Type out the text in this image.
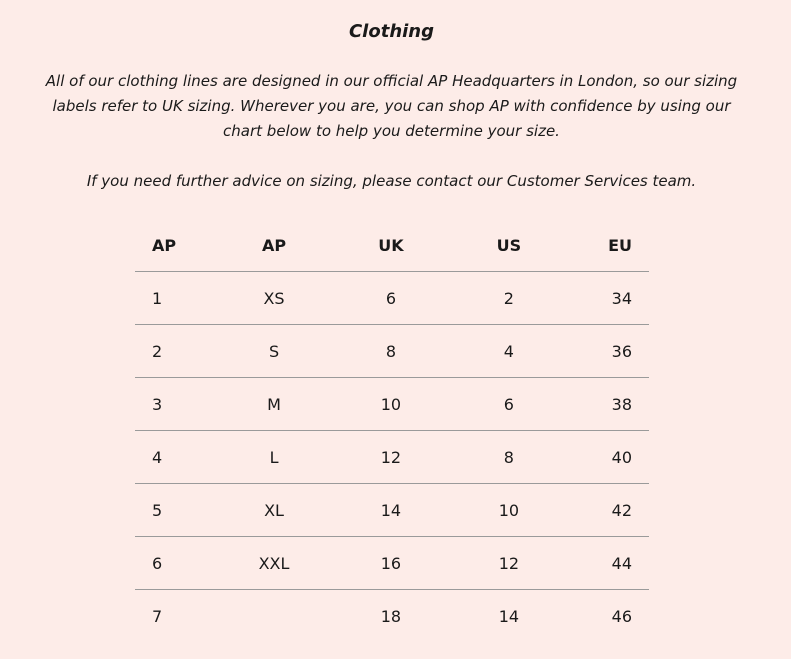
Clothing

All of our clothing lines are designed in our official AP Headquarters in London, so our sizing labels refer to UK sizing. Wherever you are, you can shop AP with confidence by using our chart below to help you determine your size.

If you need further advice on sizing, please contact our Customer Services team.

AP	AP	UK	US	EU
1	XS	6	2	34
2	S	8	4	36
3	M	10	6	38
4	L	12	8	40
5	XL	14	10	42
6	XXL	16	12	44
7		18	14	46
